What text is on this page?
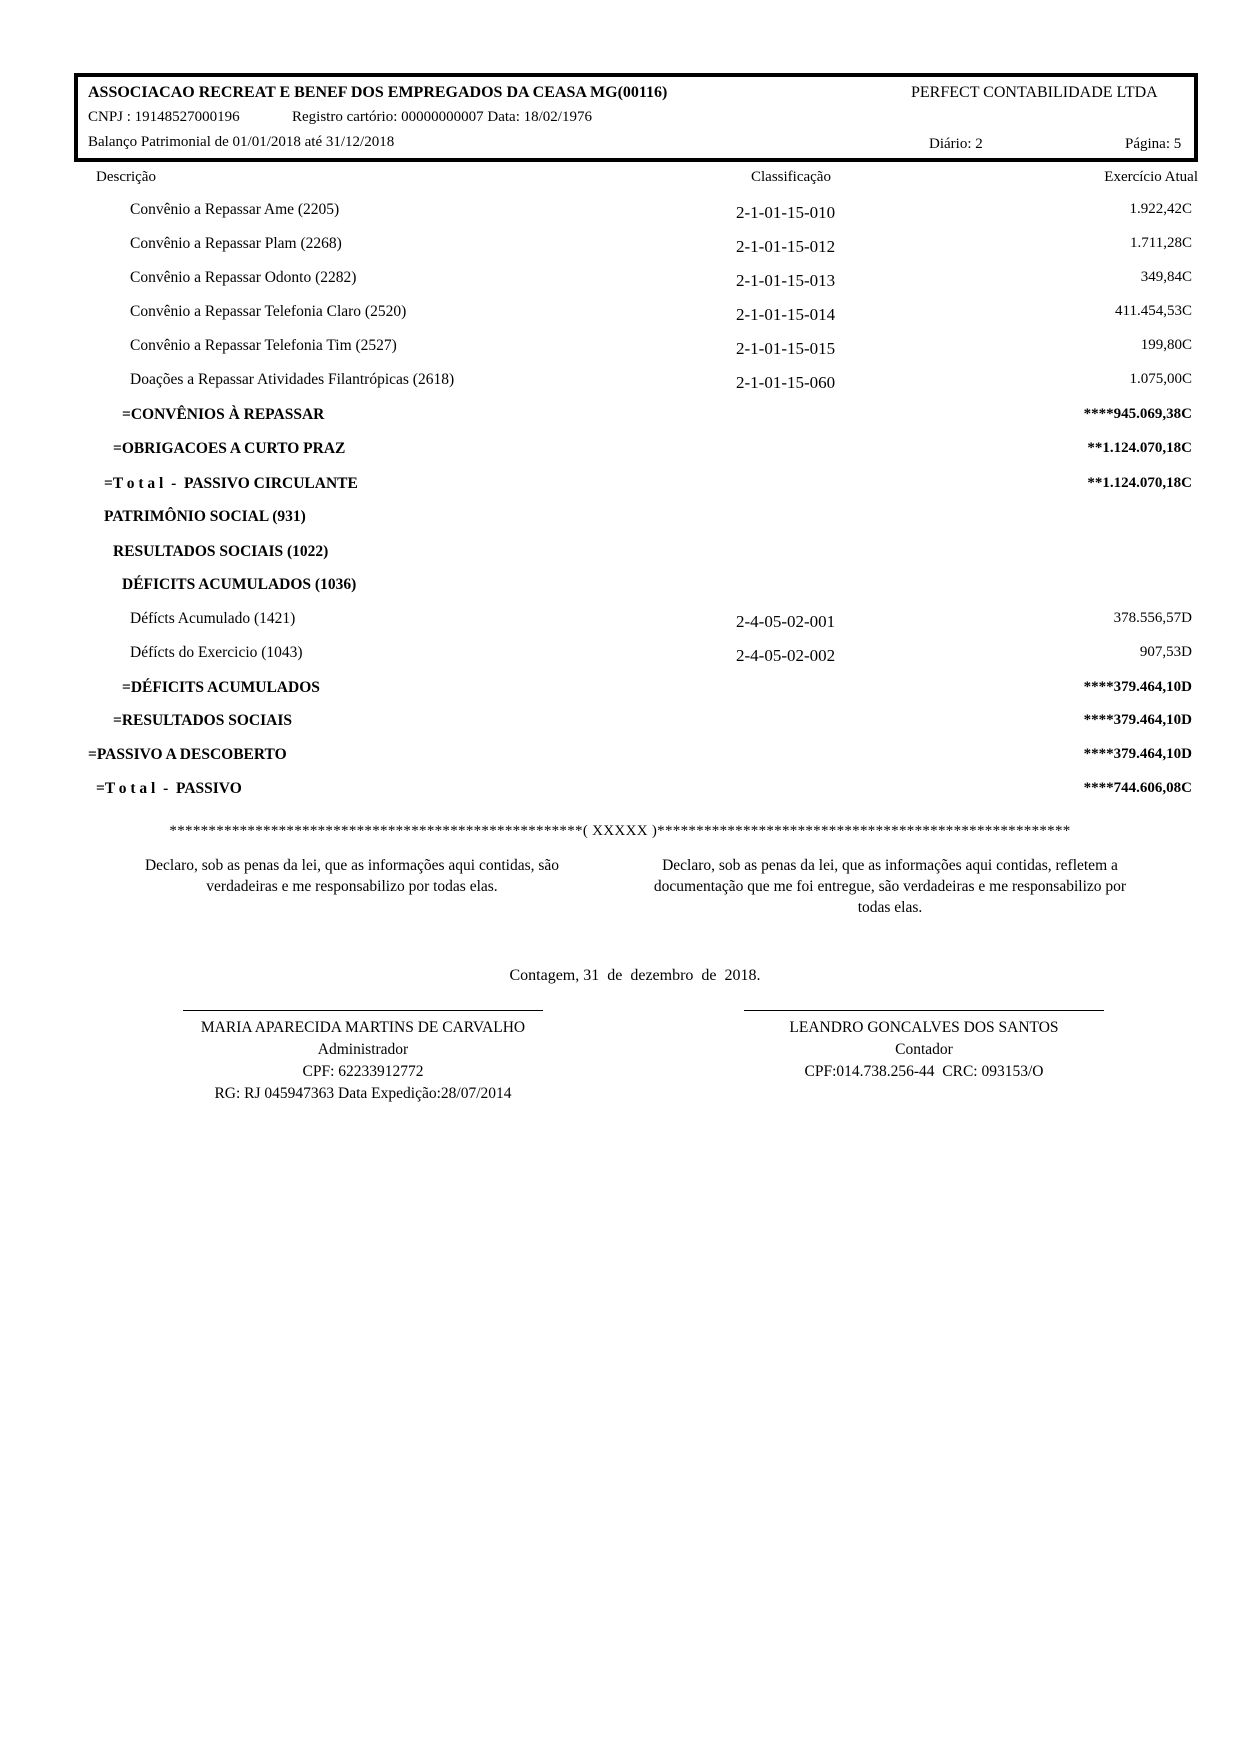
ASSOCIACAO RECREAT E BENEF DOS EMPREGADOS DA CEASA MG(00116)	PERFECT CONTABILIDADE LTDA
CNPJ : 19148527000196	Registro cartório: 00000000007 Data: 18/02/1976
Balanço Patrimonial de 01/01/2018 até 31/12/2018	Diário: 2	Página: 5
Descrição	Classificação	Exercício Atual
Convênio a Repassar Ame (2205)	2-1-01-15-010	1.922,42C
Convênio a Repassar Plam (2268)	2-1-01-15-012	1.711,28C
Convênio a Repassar Odonto (2282)	2-1-01-15-013	349,84C
Convênio a Repassar Telefonia Claro (2520)	2-1-01-15-014	411.454,53C
Convênio a Repassar Telefonia Tim (2527)	2-1-01-15-015	199,80C
Doações a Repassar Atividades Filantrópicas (2618)	2-1-01-15-060	1.075,00C
=CONVÊNIOS À REPASSAR	****945.069,38C
=OBRIGACOES A CURTO PRAZ	**1.124.070,18C
=T o t a l  -  PASSIVO CIRCULANTE	**1.124.070,18C
PATRIMÔNIO SOCIAL (931)
RESULTADOS SOCIAIS (1022)
DÉFICITS ACUMULADOS (1036)
Défícts Acumulado (1421)	2-4-05-02-001	378.556,57D
Défícts do Exercicio (1043)	2-4-05-02-002	907,53D
=DÉFICITS ACUMULADOS	****379.464,10D
=RESULTADOS SOCIAIS	****379.464,10D
=PASSIVO A DESCOBERTO	****379.464,10D
=T o t a l  -  PASSIVO	****744.606,08C
*****************************************************( XXXXX )*****************************************************
Declaro, sob as penas da lei, que as informações aqui contidas, são verdadeiras e me responsabilizo por todas elas.
Declaro, sob as penas da lei, que as informações aqui contidas, refletem a documentação que me foi entregue, são verdadeiras e me responsabilizo por todas elas.
Contagem, 31  de  dezembro  de  2018.
MARIA APARECIDA MARTINS DE CARVALHO
Administrador
CPF: 62233912772
RG: RJ 045947363 Data Expedição:28/07/2014
LEANDRO GONCALVES DOS SANTOS
Contador
CPF:014.738.256-44  CRC: 093153/O
